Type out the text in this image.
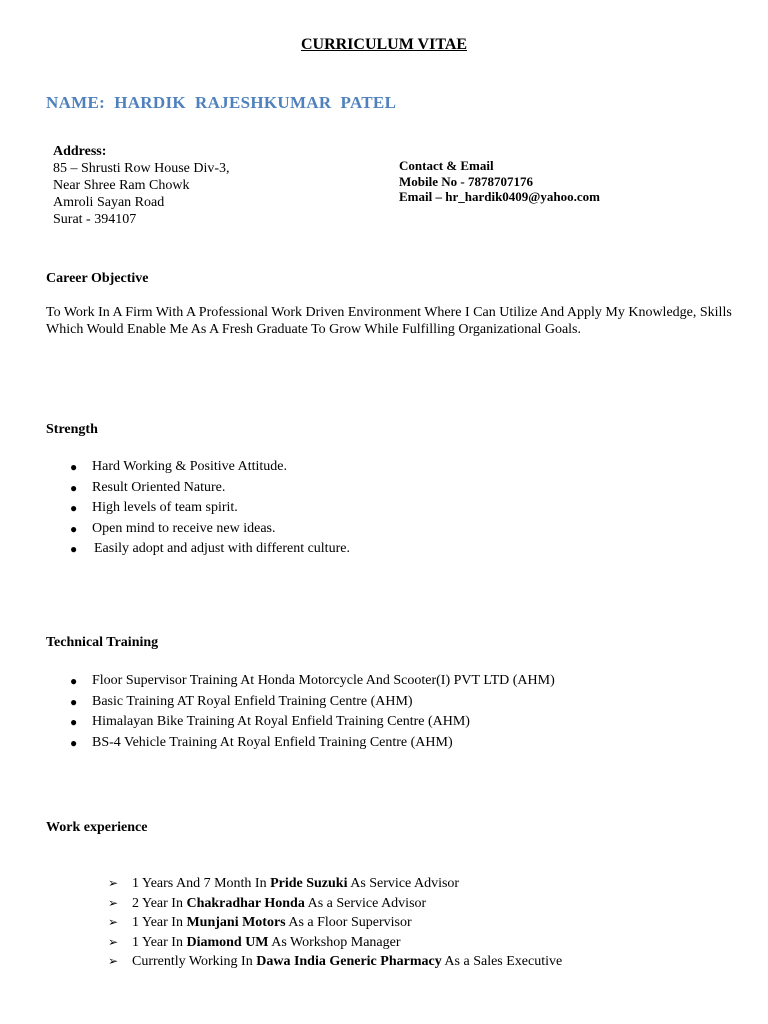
CURRICULUM VITAE
NAME:  HARDIK  RAJESHKUMAR  PATEL
Address:
85 – Shrusti Row House Div-3,
Near Shree Ram Chowk
Amroli Sayan Road
Surat - 394107
Contact & Email
Mobile No - 7878707176
Email – hr_hardik0409@yahoo.com
Career Objective
To Work In A Firm With A Professional Work Driven Environment Where I Can Utilize And Apply My Knowledge, Skills Which Would Enable Me As A Fresh Graduate To Grow While Fulfilling Organizational Goals.
Strength
● Hard Working & Positive Attitude.
● Result Oriented Nature.
● High levels of team spirit.
● Open mind to receive new ideas.
● Easily adopt and adjust with different culture.
Technical Training
● Floor Supervisor Training At Honda Motorcycle And Scooter(I) PVT LTD (AHM)
● Basic Training AT Royal Enfield Training Centre (AHM)
● Himalayan Bike Training At Royal Enfield Training Centre (AHM)
● BS-4 Vehicle Training At Royal Enfield Training Centre (AHM)
Work experience
➢ 1 Years And 7 Month In Pride Suzuki As Service Advisor
➢ 2 Year In Chakradhar Honda As a Service Advisor
➢ 1 Year In Munjani Motors As a Floor Supervisor
➢ 1 Year In Diamond UM As Workshop Manager
➢ Currently Working In Dawa India Generic Pharmacy As a Sales Executive
